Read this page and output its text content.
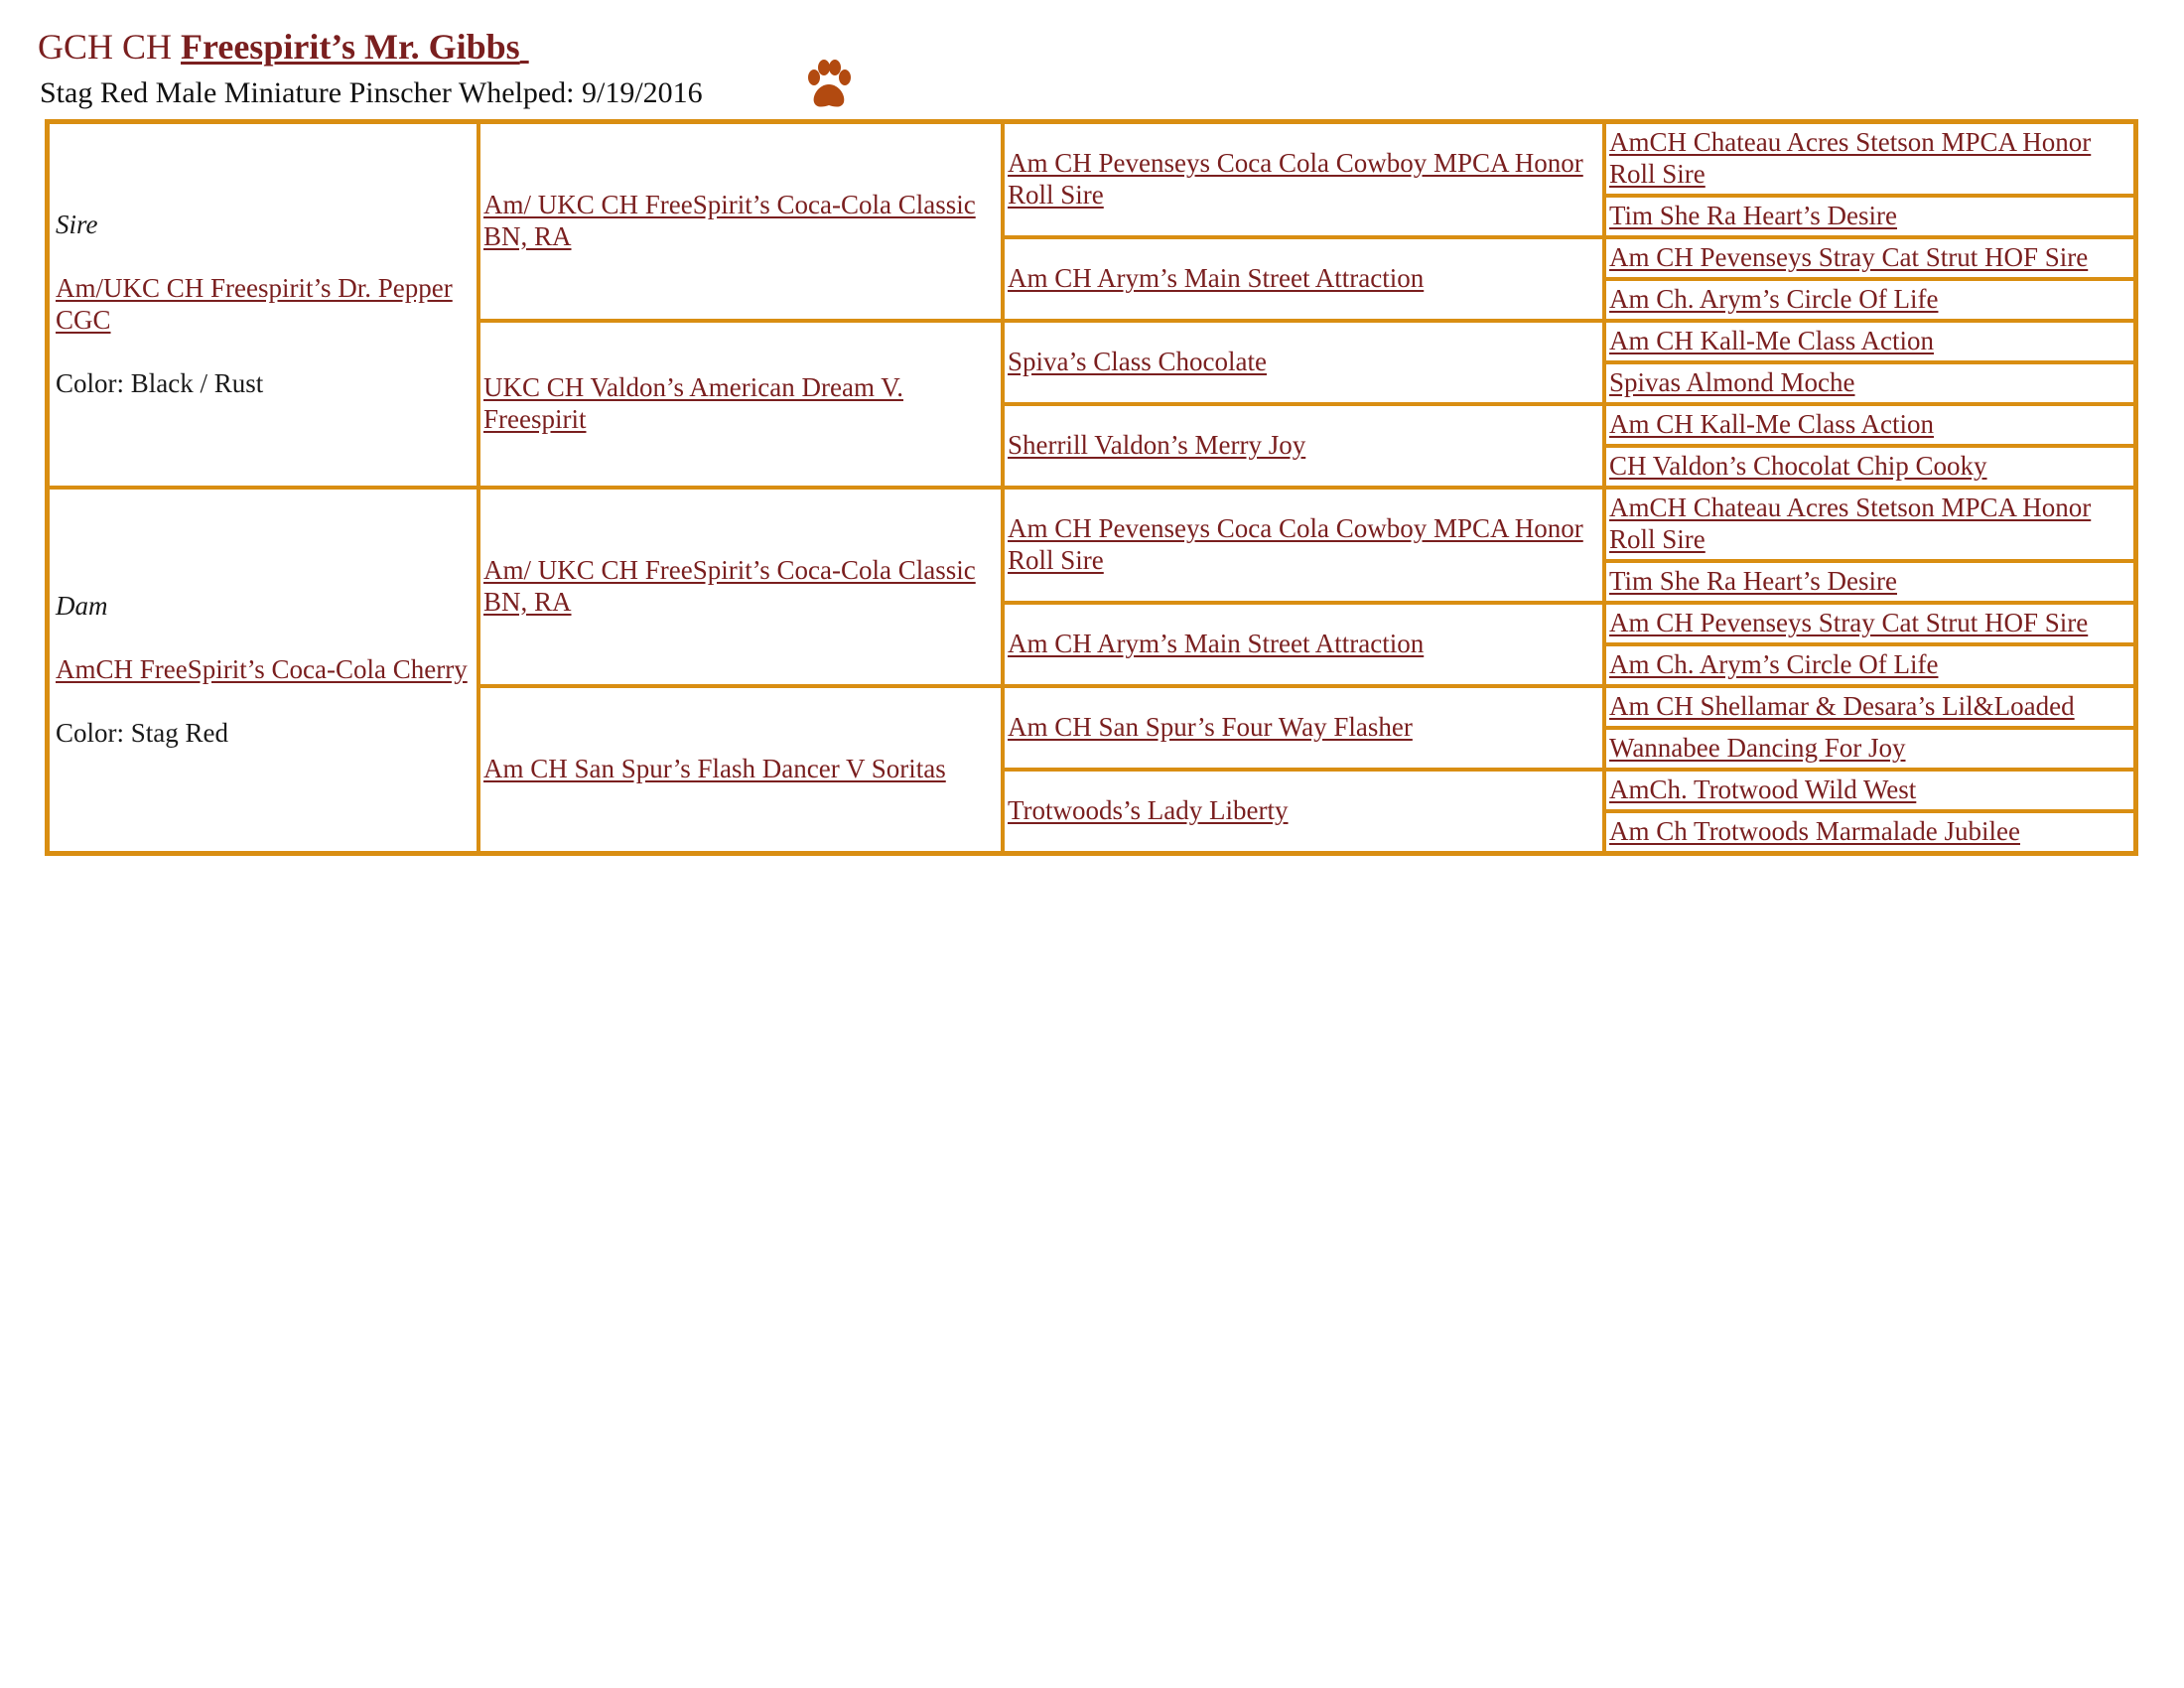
GCH CH Freespirit’s Mr. Gibbs
Stag Red Male Miniature Pinscher Whelped: 9/19/2016
Sire
Am/UKC CH Freespirit’s Dr. Pepper CGC
Color: Black / Rust	Am/ UKC CH FreeSpirit’s Coca-Cola Classic BN, RA	Am CH Pevenseys Coca Cola Cowboy MPCA Honor Roll Sire	AmCH Chateau Acres Stetson MPCA Honor Roll Sire
			Tim She Ra Heart’s Desire
		Am CH Arym’s Main Street Attraction	Am CH Pevenseys Stray Cat Strut HOF Sire
			Am Ch. Arym’s Circle Of Life
	UKC CH Valdon’s American Dream V. Freespirit	Spiva’s Class Chocolate	Am CH Kall-Me Class Action
			Spivas Almond Moche
		Sherrill Valdon’s Merry Joy	Am CH Kall-Me Class Action
			CH Valdon’s Chocolat Chip Cooky

Dam
AmCH FreeSpirit’s Coca-Cola Cherry
Color: Stag Red	Am/ UKC CH FreeSpirit’s Coca-Cola Classic BN, RA	Am CH Pevenseys Coca Cola Cowboy MPCA Honor Roll Sire	AmCH Chateau Acres Stetson MPCA Honor Roll Sire
			Tim She Ra Heart’s Desire
		Am CH Arym’s Main Street Attraction	Am CH Pevenseys Stray Cat Strut HOF Sire
			Am Ch. Arym’s Circle Of Life
	Am CH San Spur’s Flash Dancer V Soritas	Am CH San Spur’s Four Way Flasher	Am CH Shellamar & Desara’s Lil&Loaded
			Wannabee Dancing For Joy
		Trotwoods’s Lady Liberty	AmCh. Trotwood Wild West
			Am Ch Trotwoods Marmalade Jubilee
